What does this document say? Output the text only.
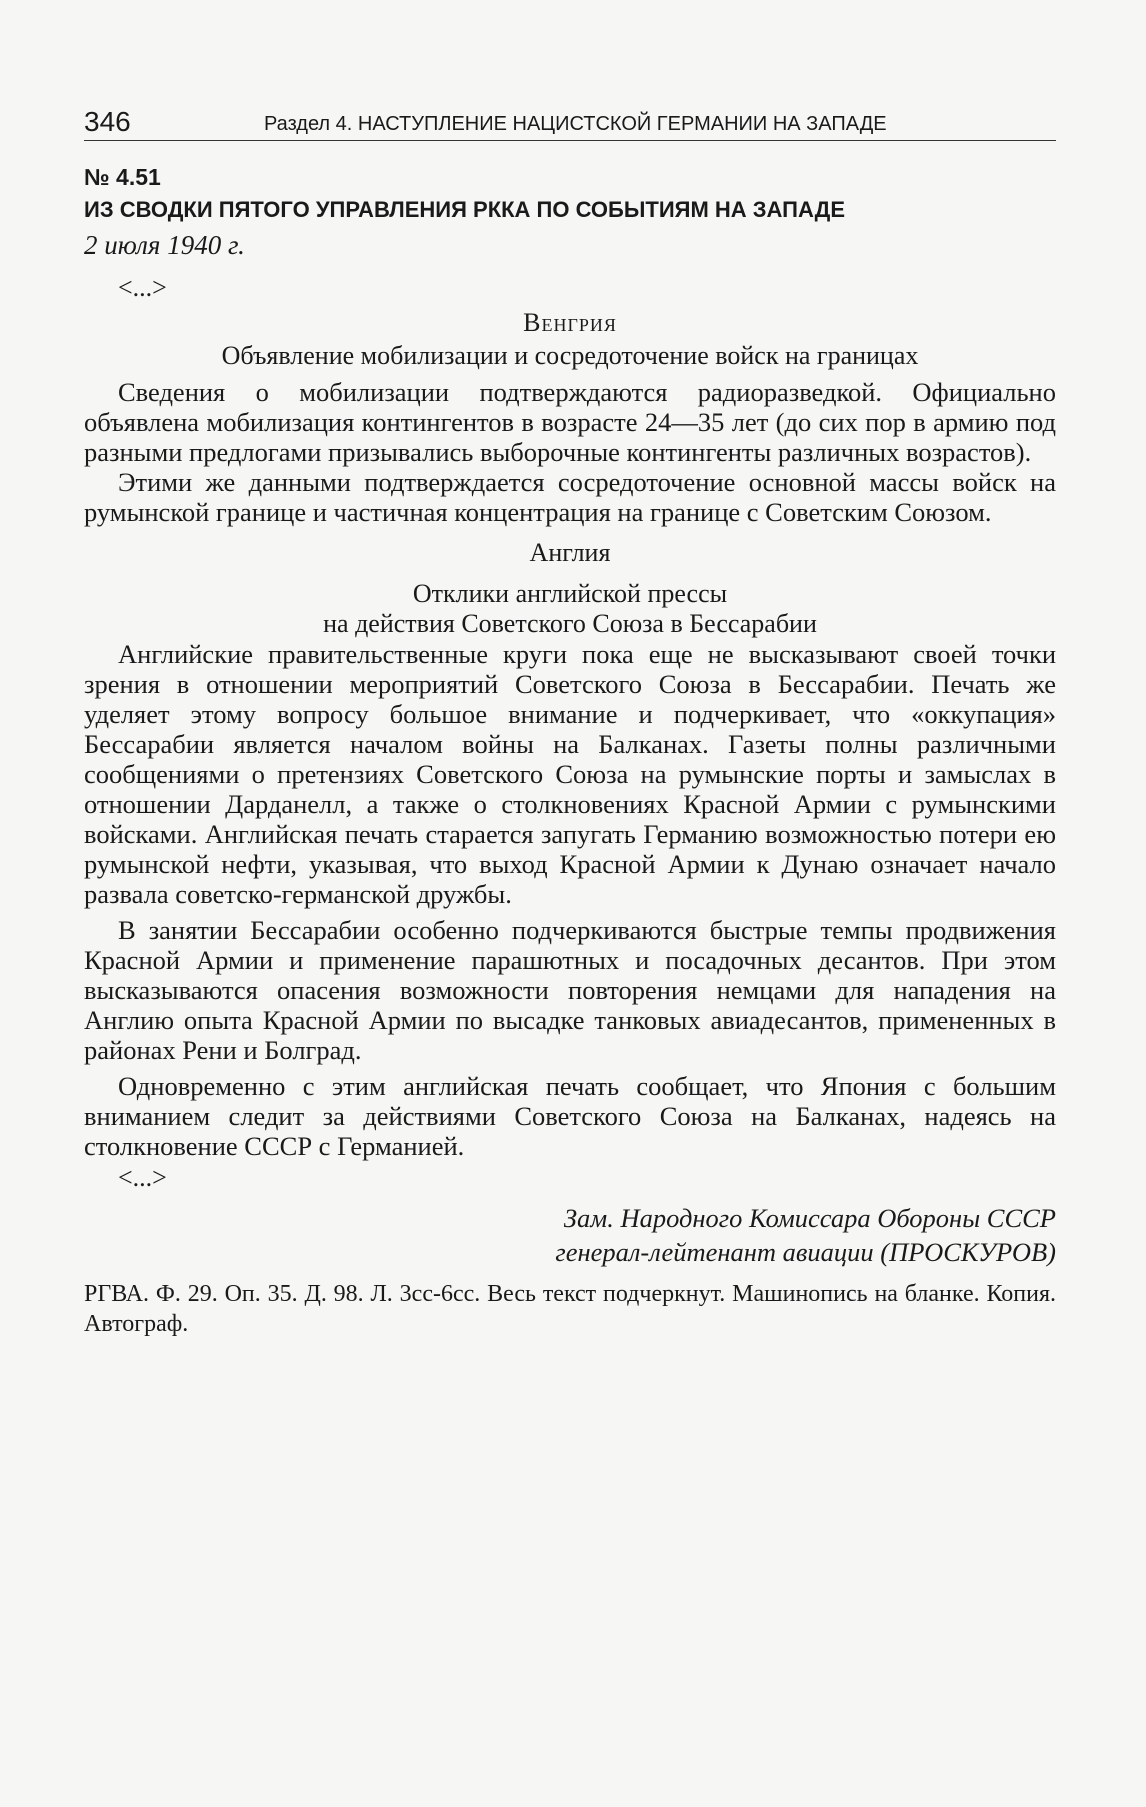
346	Раздел 4. НАСТУПЛЕНИЕ НАЦИСТСКОЙ ГЕРМАНИИ НА ЗАПАДЕ
№ 4.51
ИЗ СВОДКИ ПЯТОГО УПРАВЛЕНИЯ РККА ПО СОБЫТИЯМ НА ЗАПАДЕ
2 июля 1940 г.
<...>
Венгрия
Объявление мобилизации и сосредоточение войск на границах

Сведения о мобилизации подтверждаются радиоразведкой. Официально объявлена мобилизация контингентов в возрасте 24—35 лет (до сих пор в армию под разными предлогами призывались выборочные контингенты различных возрастов).

Этими же данными подтверждается сосредоточение основной массы войск на румынской границе и частичная концентрация на границе с Советским Союзом.

Англия
Отклики английской прессы
на действия Советского Союза в Бессарабии

Английские правительственные круги пока еще не высказывают своей точки зрения в отношении мероприятий Советского Союза в Бессарабии. Печать же уделяет этому вопросу большое внимание и подчеркивает, что «оккупация» Бессарабии является началом войны на Балканах. Газеты полны различными сообщениями о претензиях Советского Союза на румынские порты и замыслах в отношении Дарданелл, а также о столкновениях Красной Армии с румынскими войсками. Английская печать старается запугать Германию возможностью потери ею румынской нефти, указывая, что выход Красной Армии к Дунаю означает начало развала советско-германской дружбы.

В занятии Бессарабии особенно подчеркиваются быстрые темпы продвижения Красной Армии и применение парашютных и посадочных десантов. При этом высказываются опасения возможности повторения немцами для нападения на Англию опыта Красной Армии по высадке танковых авиадесантов, примененных в районах Рени и Болград.

Одновременно с этим английская печать сообщает, что Япония с большим вниманием следит за действиями Советского Союза на Балканах, надеясь на столкновение СССР с Германией.

<...>
Зам. Народного Комиссара Обороны СССР
генерал-лейтенант авиации (ПРОСКУРОВ)
РГВА. Ф. 29. Оп. 35. Д. 98. Л. 3сс-6сс. Весь текст подчеркнут. Машинопись на бланке. Копия. Автограф.
